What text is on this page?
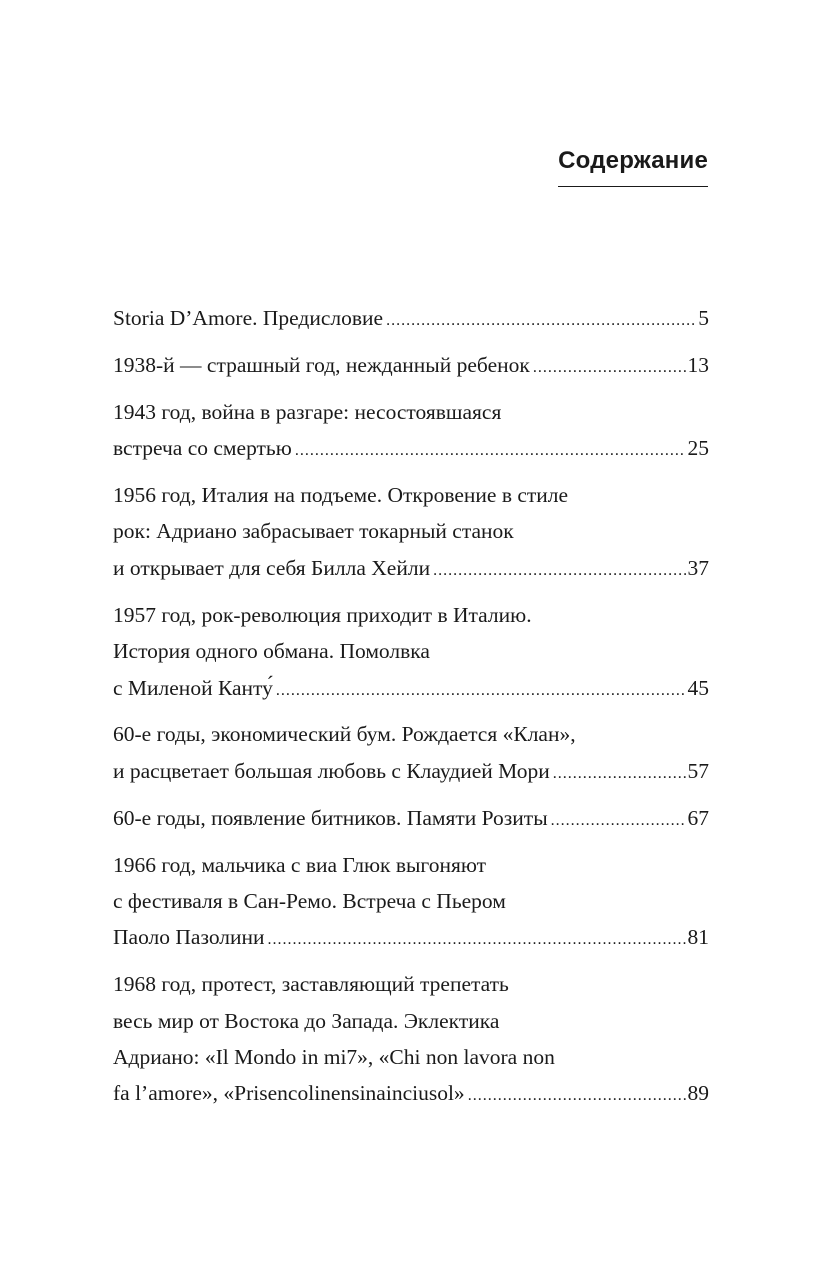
Содержание
Storia D’Amore. Предисловие .....	5
1938-й — страшный год, нежданный ребенок .....	13
1943 год, война в разгаре: несостоявшаяся
встреча со смертью .....	25
1956 год, Италия на подъеме. Откровение в стиле
рок: Адриано забрасывает токарный станок
и открывает для себя Билла Хейли .....	37
1957 год, рок-революция приходит в Италию.
История одного обмана. Помолвка
с Миленой Канту́ .....	45
60-е годы, экономический бум. Рождается «Клан»,
и расцветает большая любовь с Клаудией Мори .....	57
60-е годы, появление битников. Памяти Розиты .....	67
1966 год, мальчика с виа Глюк выгоняют
с фестиваля в Сан-Ремо. Встреча с Пьером
Паоло Пазолини .....	81
1968 год, протест, заставляющий трепетать
весь мир от Востока до Запада. Эклектика
Адриано: «Il Mondo in mi7», «Chi non lavora non
fa l’amore», «Prisencolinensinainciusol» .....	89
